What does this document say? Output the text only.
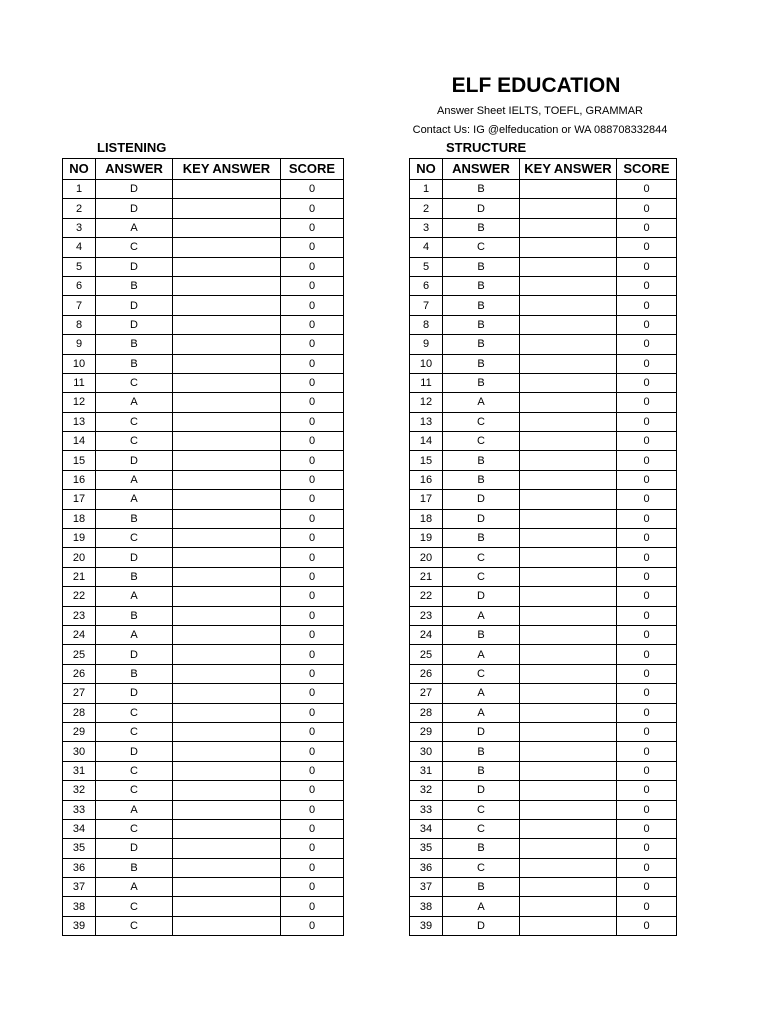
ELF EDUCATION
Answer Sheet IELTS, TOEFL, GRAMMAR
Contact Us: IG @elfeducation or WA 088708332844
LISTENING	STRUCTURE
NO	ANSWER	KEY ANSWER	SCORE
1	D		0
2	D		0
3	A		0
4	C		0
5	D		0
6	B		0
7	D		0
8	D		0
9	B		0
10	B		0
11	C		0
12	A		0
13	C		0
14	C		0
15	D		0
16	A		0
17	A		0
18	B		0
19	C		0
20	D		0
21	B		0
22	A		0
23	B		0
24	A		0
25	D		0
26	B		0
27	D		0
28	C		0
29	C		0
30	D		0
31	C		0
32	C		0
33	A		0
34	C		0
35	D		0
36	B		0
37	A		0
38	C		0
39	C		0
NO	ANSWER	KEY ANSWER	SCORE
1	B		0
2	D		0
3	B		0
4	C		0
5	B		0
6	B		0
7	B		0
8	B		0
9	B		0
10	B		0
11	B		0
12	A		0
13	C		0
14	C		0
15	B		0
16	B		0
17	D		0
18	D		0
19	B		0
20	C		0
21	C		0
22	D		0
23	A		0
24	B		0
25	A		0
26	C		0
27	A		0
28	A		0
29	D		0
30	B		0
31	B		0
32	D		0
33	C		0
34	C		0
35	B		0
36	C		0
37	B		0
38	A		0
39	D		0
